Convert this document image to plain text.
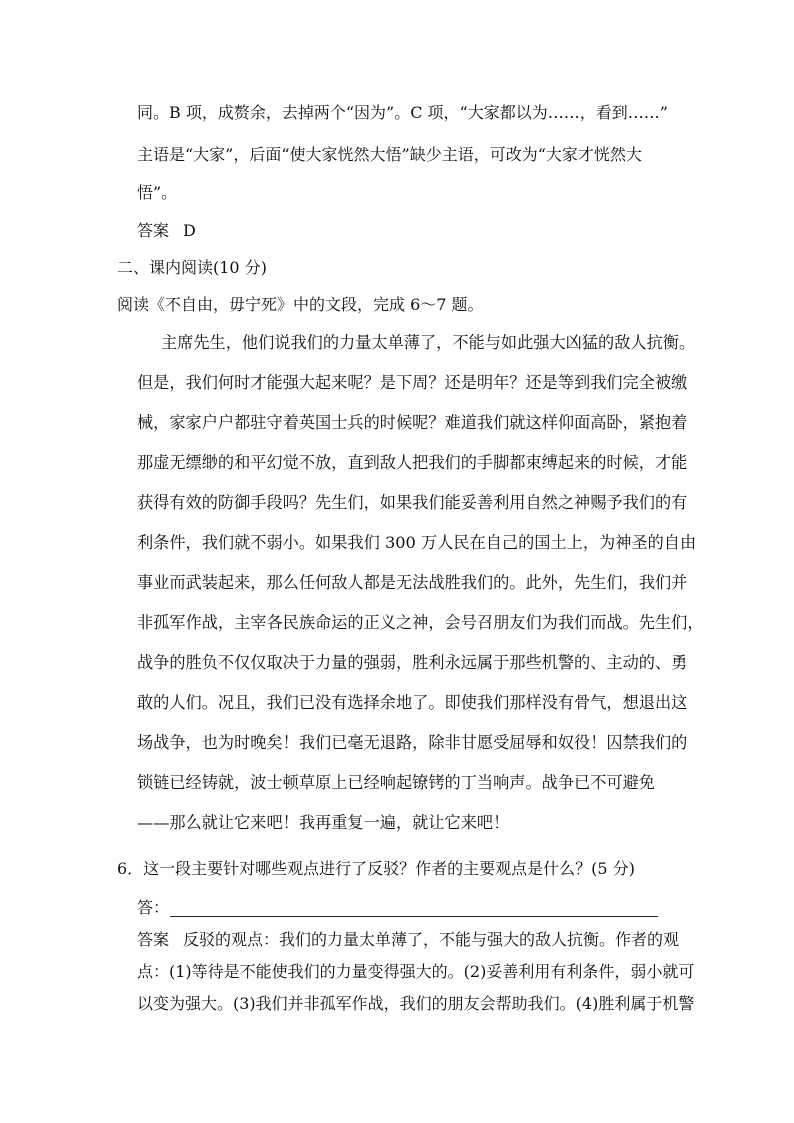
同。B 项，成赘余，去掉两个“因为”。C 项，“大家都以为……，看到……”
主语是“大家”，后面“使大家恍然大悟”缺少主语，可改为“大家才恍然大
悟”。
答案 D
二、课内阅读(10 分)
阅读《不自由，毋宁死》中的文段，完成 6～7 题。
主席先生，他们说我们的力量太单薄了，不能与如此强大凶猛的敌人抗衡。
但是，我们何时才能强大起来呢？是下周？还是明年？还是等到我们完全被缴
械，家家户户都驻守着英国士兵的时候呢？难道我们就这样仰面高卧，紧抱着
那虚无缥缈的和平幻觉不放，直到敌人把我们的手脚都束缚起来的时候，才能
获得有效的防御手段吗？先生们，如果我们能妥善利用自然之神赐予我们的有
利条件，我们就不弱小。如果我们 300 万人民在自己的国土上，为神圣的自由
事业而武装起来，那么任何敌人都是无法战胜我们的。此外，先生们，我们并
非孤军作战，主宰各民族命运的正义之神，会号召朋友们为我们而战。先生们，
战争的胜负不仅仅取决于力量的强弱，胜利永远属于那些机警的、主动的、勇
敢的人们。况且，我们已没有选择余地了。即使我们那样没有骨气，想退出这
场战争，也为时晚矣！我们已毫无退路，除非甘愿受屈辱和奴役！囚禁我们的
锁链已经铸就，波士顿草原上已经响起镣铐的丁当响声。战争已不可避免
——那么就让它来吧！我再重复一遍，就让它来吧！
6．这一段主要针对哪些观点进行了反驳？作者的主要观点是什么？(5 分)
答：
答案 反驳的观点：我们的力量太单薄了，不能与强大的敌人抗衡。作者的观
点：(1)等待是不能使我们的力量变得强大的。(2)妥善利用有利条件，弱小就可
以变为强大。(3)我们并非孤军作战，我们的朋友会帮助我们。(4)胜利属于机警
